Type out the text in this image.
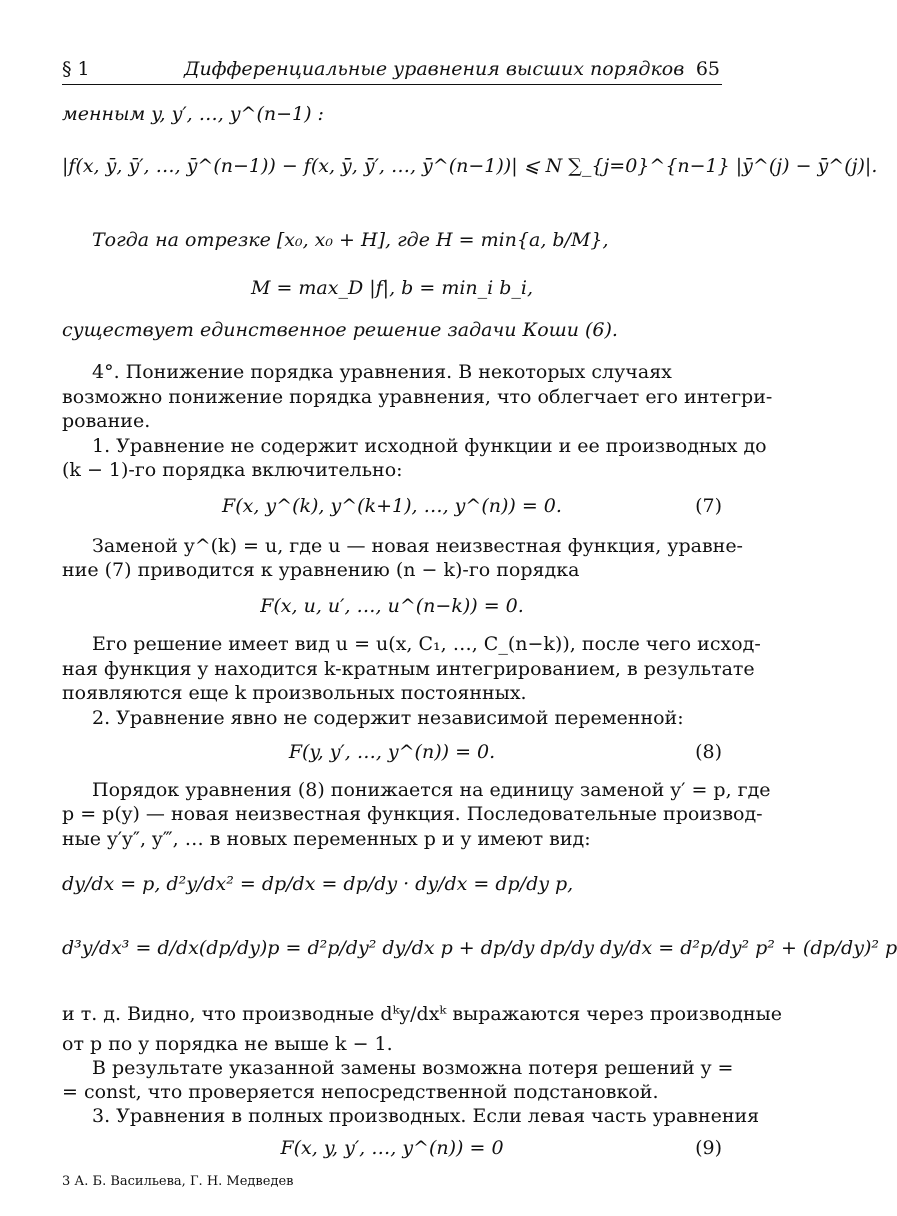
§ 1	Дифференциальные уравнения высших порядков 65
менным y, y′, …, y^(n−1) :
|f(x, ȳ, ȳ′, …, ȳ^(n−1)) − f(x, ȳ̄, ȳ̄′, …, ȳ̄^(n−1))| ⩽ N ∑_{j=0}^{n−1} |ȳ^(j) − ȳ̄^(j)|.
Тогда на отрезке [x₀, x₀ + H], где H = min{a, b/M},
M = max_D |f|, b = min_i b_i,
существует единственное решение задачи Коши (6).
4°. Понижение порядка уравнения. В некоторых случаях
возможно понижение порядка уравнения, что облегчает его интегри-
рование.
1. Уравнение не содержит исходной функции и ее производных до
(k − 1)-го порядка включительно:
F(x, y^(k), y^(k+1), …, y^(n)) = 0.	(7)
Заменой y^(k) = u, где u — новая неизвестная функция, уравне-
ние (7) приводится к уравнению (n − k)-го порядка
F(x, u, u′, …, u^(n−k)) = 0.
Его решение имеет вид u = u(x, C₁, …, C_(n−k)), после чего исход-
ная функция y находится k-кратным интегрированием, в результате
появляются еще k произвольных постоянных.
2. Уравнение явно не содержит независимой переменной:
F(y, y′, …, y^(n)) = 0.	(8)
Порядок уравнения (8) понижается на единицу заменой y′ = p, где
p = p(y) — новая неизвестная функция. Последовательные производ-
ные y′y″, y‴, … в новых переменных p и y имеют вид:
dy/dx = p, d²y/dx² = dp/dx = dp/dy · dy/dx = dp/dy p,
d³y/dx³ = d/dx(dp/dy)p = d²p/dy² dy/dx p + dp/dy dp/dy dy/dx = d²p/dy² p² + (dp/dy)² p
и т. д. Видно, что производные dᵏy/dxᵏ выражаются через производные
от p по y порядка не выше k − 1.
В результате указанной замены возможна потеря решений y =
= const, что проверяется непосредственной подстановкой.
3. Уравнения в полных производных. Если левая часть уравнения
F(x, y, y′, …, y^(n)) = 0	(9)
3 А. Б. Васильева, Г. Н. Медведев
